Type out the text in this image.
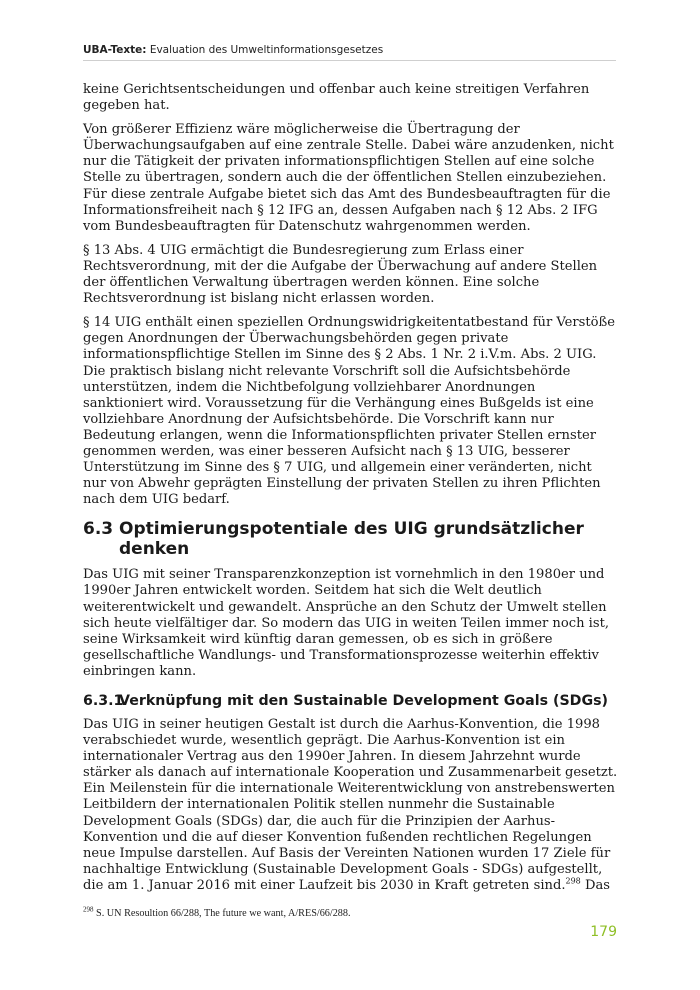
UBA-Texte: Evaluation des Umweltinformationsgesetzes

keine Gerichtsentscheidungen und offenbar auch keine streitigen Verfahren gegeben hat.

Von größerer Effizienz wäre möglicherweise die Übertragung der Überwachungsaufgaben auf eine zentrale Stelle. Dabei wäre anzudenken, nicht nur die Tätigkeit der privaten informationspflichtigen Stellen auf eine solche Stelle zu übertragen, sondern auch die der öffentlichen Stellen einzubeziehen. Für diese zentrale Aufgabe bietet sich das Amt des Bundesbeauftragten für die Informationsfreiheit nach § 12 IFG an, dessen Aufgaben nach § 12 Abs. 2 IFG vom Bundesbeauftragten für Datenschutz wahrgenommen werden.

§ 13 Abs. 4 UIG ermächtigt die Bundesregierung zum Erlass einer Rechtsverordnung, mit der die Aufgabe der Überwachung auf andere Stellen der öffentlichen Verwaltung übertragen werden können. Eine solche Rechtsverordnung ist bislang nicht erlassen worden.

§ 14 UIG enthält einen speziellen Ordnungswidrigkeitentatbestand für Verstöße gegen Anordnungen der Überwachungsbehörden gegen private informationspflichtige Stellen im Sinne des § 2 Abs. 1 Nr. 2 i.V.m. Abs. 2 UIG. Die praktisch bislang nicht relevante Vorschrift soll die Aufsichtsbehörde unterstützen, indem die Nichtbefolgung vollziehbarer Anordnungen sanktioniert wird. Voraussetzung für die Verhängung eines Bußgelds ist eine vollziehbare Anordnung der Aufsichtsbehörde. Die Vorschrift kann nur Bedeutung erlangen, wenn die Informationspflichten privater Stellen ernster genommen werden, was einer besseren Aufsicht nach § 13 UIG, besserer Unterstützung im Sinne des § 7 UIG, und allgemein einer veränderten, nicht nur von Abwehr geprägten Einstellung der privaten Stellen zu ihren Pflichten nach dem UIG bedarf.

6.3 Optimierungspotentiale des UIG grundsätzlicher denken

Das UIG mit seiner Transparenzkonzeption ist vornehmlich in den 1980er und 1990er Jahren entwickelt worden. Seitdem hat sich die Welt deutlich weiterentwickelt und gewandelt. Ansprüche an den Schutz der Umwelt stellen sich heute vielfältiger dar. So modern das UIG in weiten Teilen immer noch ist, seine Wirksamkeit wird künftig daran gemessen, ob es sich in größere gesellschaftliche Wandlungs- und Transformationsprozesse weiterhin effektiv einbringen kann.

6.3.1
Verknüpfung mit den Sustainable Development Goals (SDGs)

Das UIG in seiner heutigen Gestalt ist durch die Aarhus-Konvention, die 1998 verabschiedet wurde, wesentlich geprägt. Die Aarhus-Konvention ist ein internationaler Vertrag aus den 1990er Jahren. In diesem Jahrzehnt wurde stärker als danach auf internationale Kooperation und Zusammenarbeit gesetzt. Ein Meilenstein für die internationale Weiterentwicklung von anstrebenswerten Leitbildern der internationalen Politik stellen nunmehr die Sustainable Development Goals (SDGs) dar, die auch für die Prinzipien der Aarhus-Konvention und die auf dieser Konvention fußenden rechtlichen Regelungen neue Impulse darstellen. Auf Basis der Vereinten Nationen wurden 17 Ziele für nachhaltige Entwicklung (Sustainable Development Goals - SDGs) aufgestellt, die am 1. Januar 2016 mit einer Laufzeit bis 2030 in Kraft getreten sind.$^{298}$ Das

$^{298}$ S. UN Resoultion 66/288, The future we want, A/RES/66/288.
179
